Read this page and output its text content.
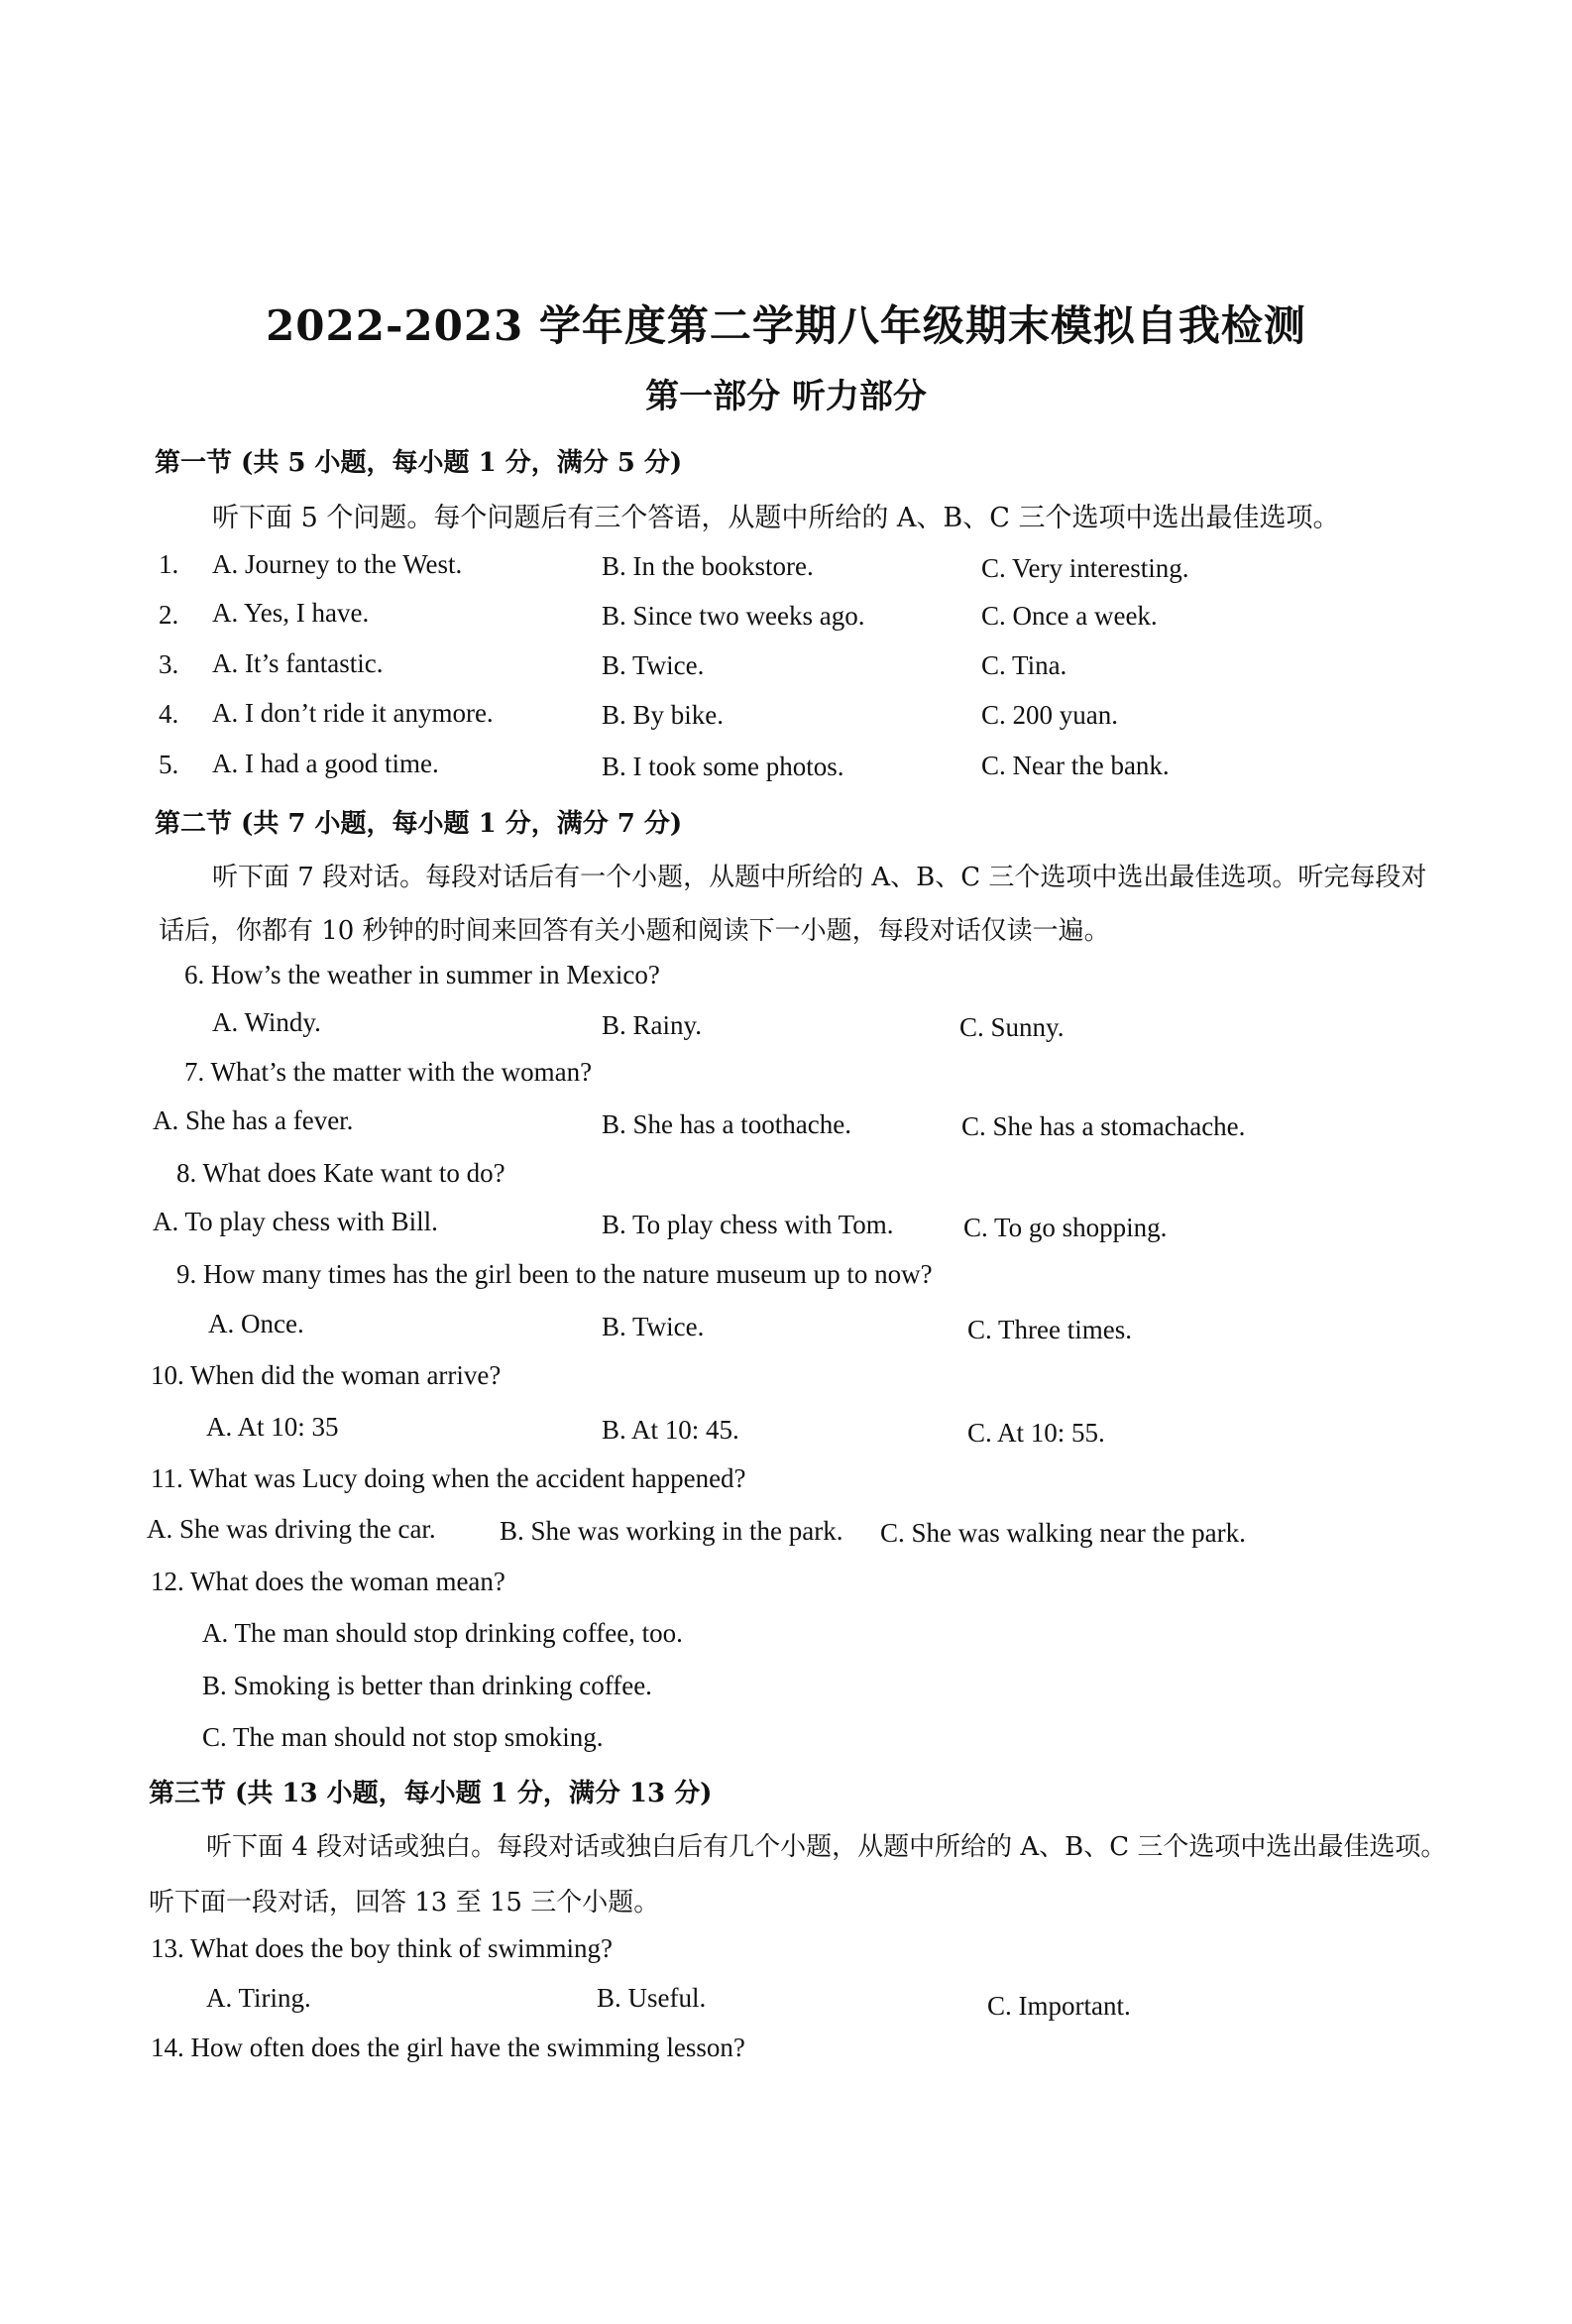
2022-2023 学年度第二学期八年级期末模拟自我检测
第一部分 听力部分
第一节 (共 5 小题，每小题 1 分，满分 5 分)
听下面 5 个问题。每个问题后有三个答语，从题中所给的 A、B、C 三个选项中选出最佳选项。
1. A. Journey to the West.	B. In the bookstore.	C. Very interesting.
2. A. Yes, I have.	B. Since two weeks ago.	C. Once a week.
3. A. It’s fantastic.	B. Twice.	C. Tina.
4. A. I don’t ride it anymore.	B. By bike.	C. 200 yuan.
5. A. I had a good time.	B. I took some photos.	C. Near the bank.
第二节 (共 7 小题，每小题 1 分，满分 7 分)
听下面 7 段对话。每段对话后有一个小题，从题中所给的 A、B、C 三个选项中选出最佳选项。听完每段对
话后，你都有 10 秒钟的时间来回答有关小题和阅读下一小题，每段对话仅读一遍。
6. How’s the weather in summer in Mexico?
A. Windy.	B. Rainy.	C. Sunny.
7. What’s the matter with the woman?
A. She has a fever.	B. She has a toothache.	C. She has a stomachache.
8. What does Kate want to do?
A. To play chess with Bill.	B. To play chess with Tom.	C. To go shopping.
9. How many times has the girl been to the nature museum up to now?
A. Once.	B. Twice.	C. Three times.
10. When did the woman arrive?
A. At 10: 35	B. At 10: 45.	C. At 10: 55.
11. What was Lucy doing when the accident happened?
A. She was driving the car. B. She was working in the park. C. She was walking near the park.
12. What does the woman mean?
A. The man should stop drinking coffee, too.
B. Smoking is better than drinking coffee.
C. The man should not stop smoking.
第三节 (共 13 小题，每小题 1 分，满分 13 分)
听下面 4 段对话或独白。每段对话或独白后有几个小题，从题中所给的 A、B、C 三个选项中选出最佳选项。
听下面一段对话，回答 13 至 15 三个小题。
13. What does the boy think of swimming?
A. Tiring.	B. Useful.	C. Important.
14. How often does the girl have the swimming lesson?
